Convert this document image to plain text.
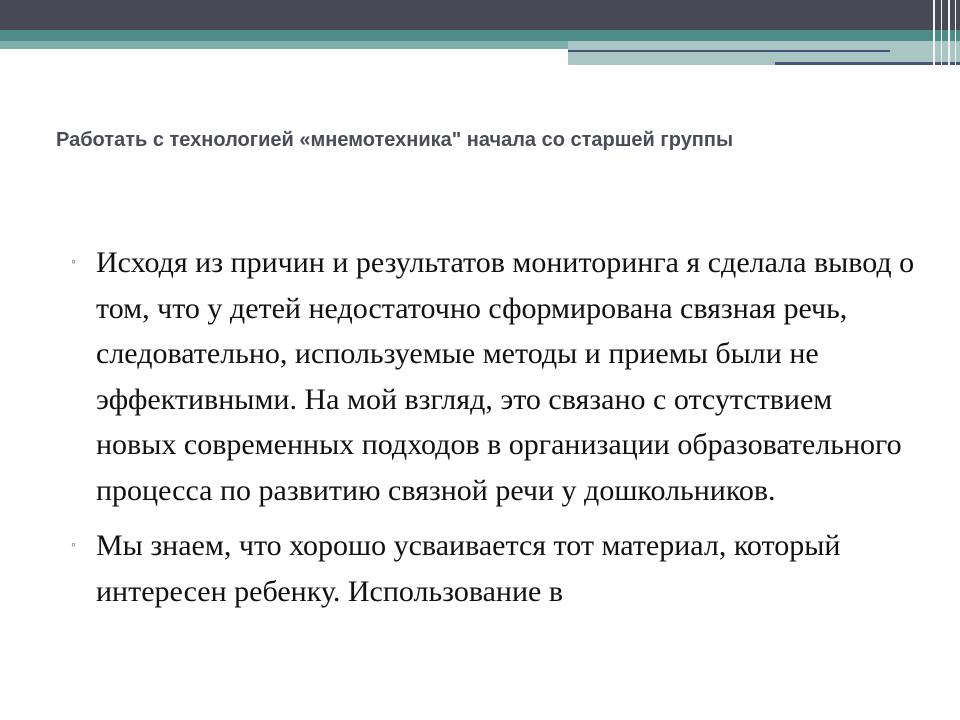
Работать с технологией «мнемотехника" начала со старшей группы
◦ Исходя из причин и результатов мониторинга я сделала вывод о том, что у детей недостаточно сформирована связная речь, следовательно, используемые методы и приемы были не эффективными. На мой взгляд, это связано с отсутствием новых современных подходов в организации образовательного процесса по развитию связной речи у дошкольников.
◦ Мы знаем, что хорошо усваивается тот материал, который интересен ребенку. Использование в
